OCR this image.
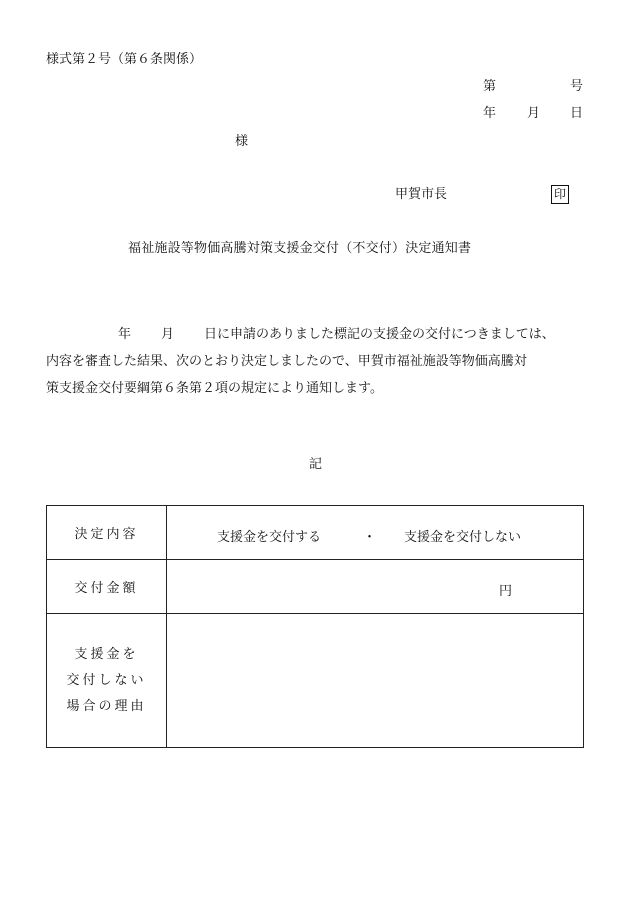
様式第２号（第６条関係）
第	号
年 月 日
様
甲賀市長	印
福祉施設等物価高騰対策支援金交付（不交付）決定通知書
年 月 日に申請のありました標記の支援金の交付につきましては、
内容を審査した結果、次のとおり決定しましたので、甲賀市福祉施設等物価高騰対
策支援金交付要綱第６条第２項の規定により通知します。
記
決定内容	支援金を交付する ・ 支援金を交付しない

交付金額	円

支援金を
交付しない
場合の理由	
